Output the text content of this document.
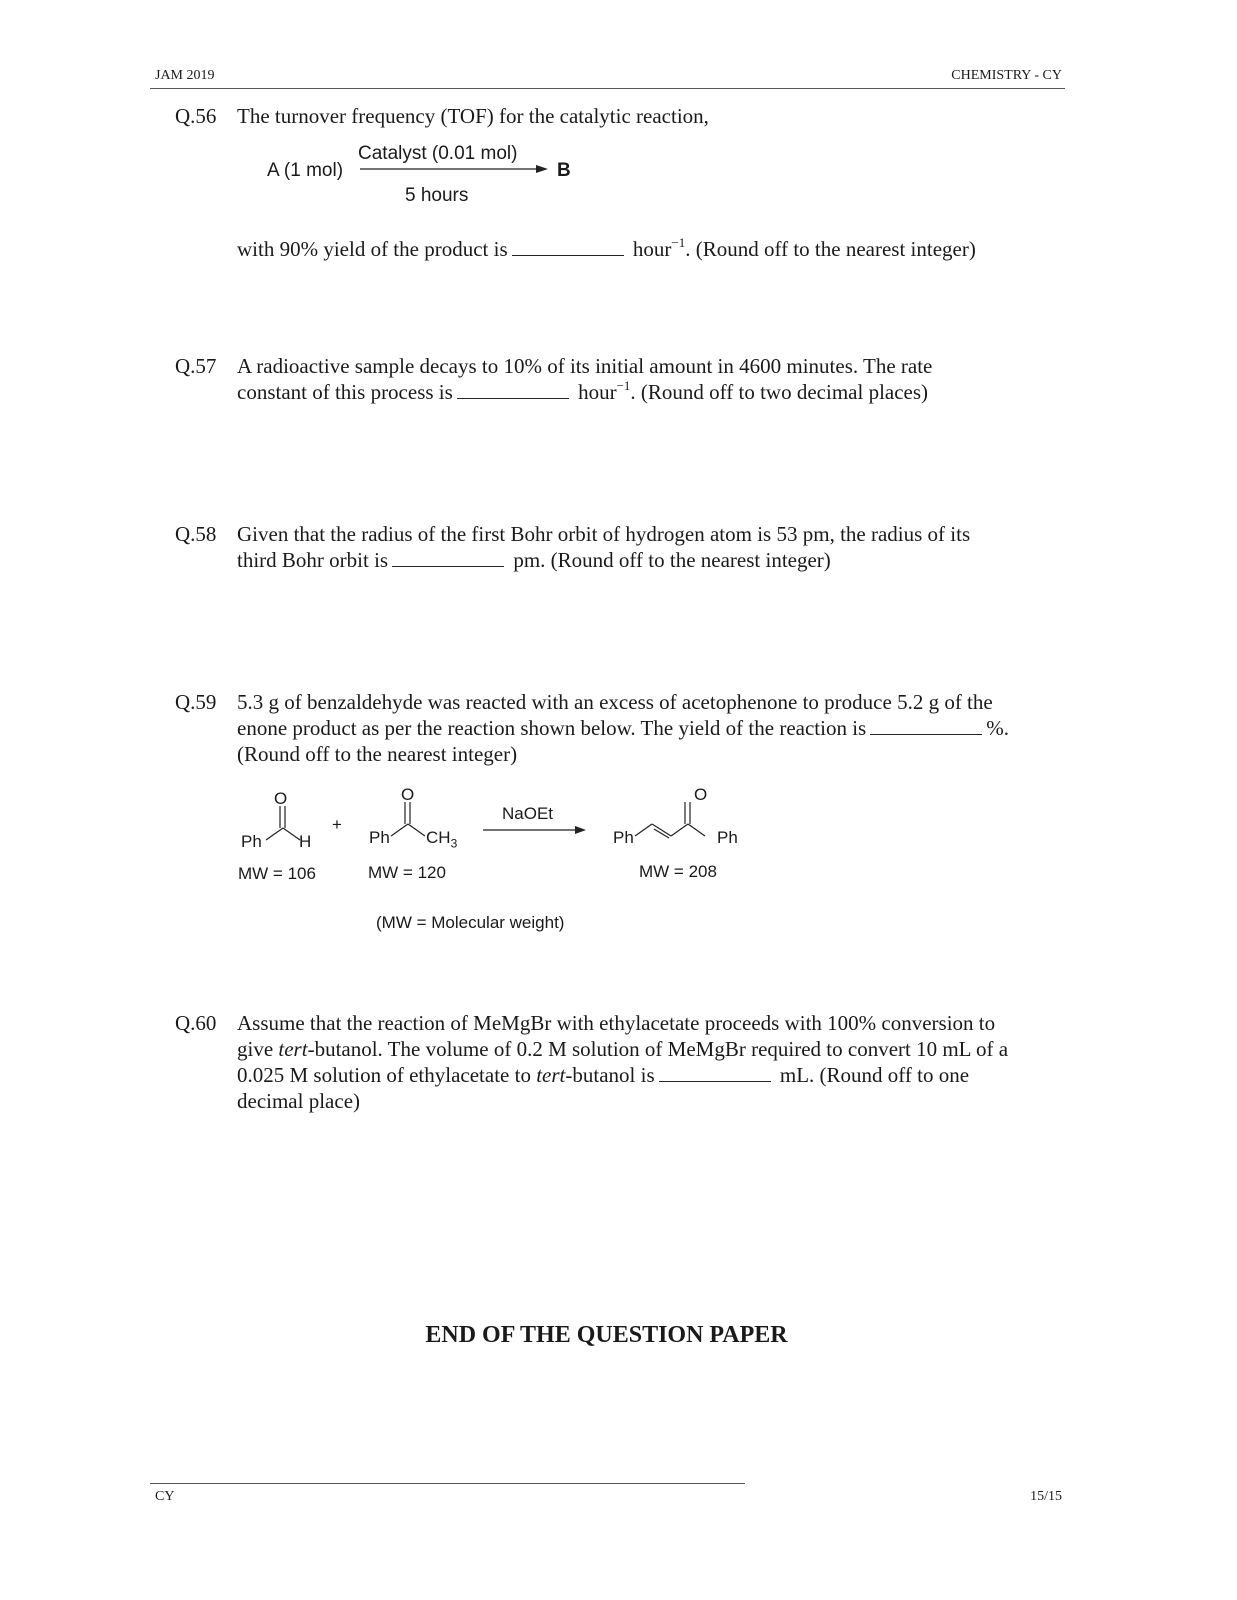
JAM 2019	CHEMISTRY - CY
Q.56 The turnover frequency (TOF) for the catalytic reaction,
A (1 mol)
Catalyst (0.01 mol)
5 hours
B
with 90% yield of the product is	hour$^{-1}$. (Round off to the nearest integer)
Q.57 A radioactive sample decays to 10% of its initial amount in 4600 minutes. The rate
constant of this process is	hour$^{-1}$. (Round off to two decimal places)
Q.58 Given that the radius of the first Bohr orbit of hydrogen atom is 53 pm, the radius of its
third Bohr orbit is	pm. (Round off to the nearest integer)
Q.59 5.3 g of benzaldehyde was reacted with an excess of acetophenone to produce 5.2 g of the
enone product as per the reaction shown below. The yield of the reaction is	%.
(Round off to the nearest integer)
O
Ph H
MW = 106
+
O
Ph $CH_3$
MW = 120
NaOEt
O
Ph	Ph
MW = 208
(MW = Molecular weight)
Q.60 Assume that the reaction of MeMgBr with ethylacetate proceeds with 100% conversion to
give tert-butanol. The volume of 0.2 M solution of MeMgBr required to convert 10 mL of a
0.025 M solution of ethylacetate to tert-butanol is	mL. (Round off to one
decimal place)
END OF THE QUESTION PAPER
CY	15/15
